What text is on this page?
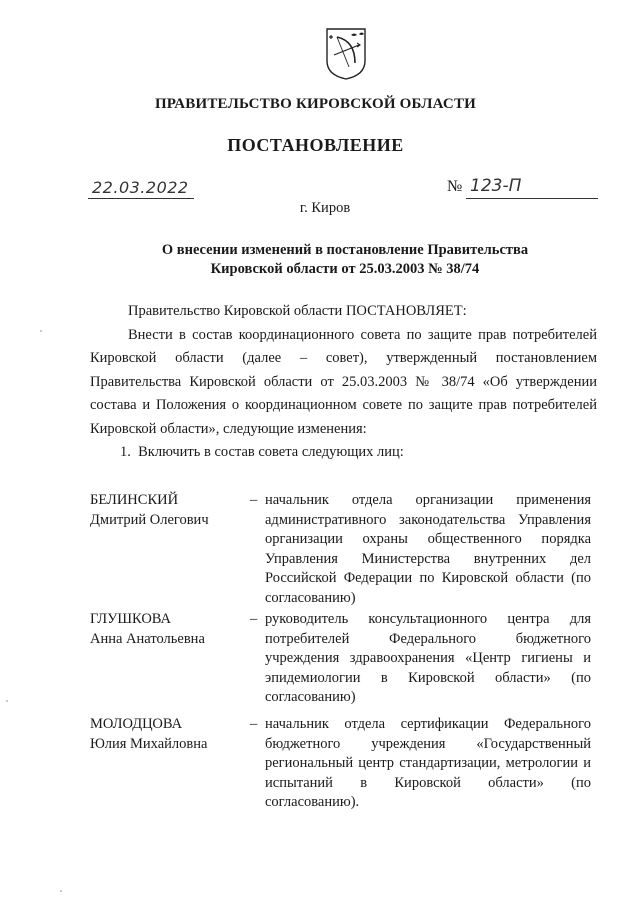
ПРАВИТЕЛЬСТВО КИРОВСКОЙ ОБЛАСТИ
ПОСТАНОВЛЕНИЕ
22.03.2022	№ 123-П
г. Киров
О внесении изменений в постановление Правительства
Кировской области от 25.03.2003 № 38/74

Правительство Кировской области ПОСТАНОВЛЯЕТ:

Внести в состав координационного совета по защите прав потребителей Кировской области (далее – совет), утвержденный постановлением Правительства Кировской области от 25.03.2003 № 38/74 «Об утверждении состава и Положения о координационном совете по защите прав потребителей Кировской области», следующие изменения:

1.  Включить в состав совета следующих лиц:

БЕЛИНСКИЙ
Дмитрий Олегович
– начальник отдела организации применения административного законодательства Управления организации охраны общественного порядка Управления Министерства внутренних дел Российской Федерации по Кировской области (по согласованию)
ГЛУШКОВА
Анна Анатольевна
– руководитель консультационного центра для потребителей Федерального бюджетного учреждения здравоохранения «Центр гигиены и эпидемиологии в Кировской области» (по согласованию)
МОЛОДЦОВА
Юлия Михайловна
– начальник отдела сертификации Федерального бюджетного учреждения «Государственный региональный центр стандартизации, метрологии и испытаний в Кировской области» (по согласованию).
